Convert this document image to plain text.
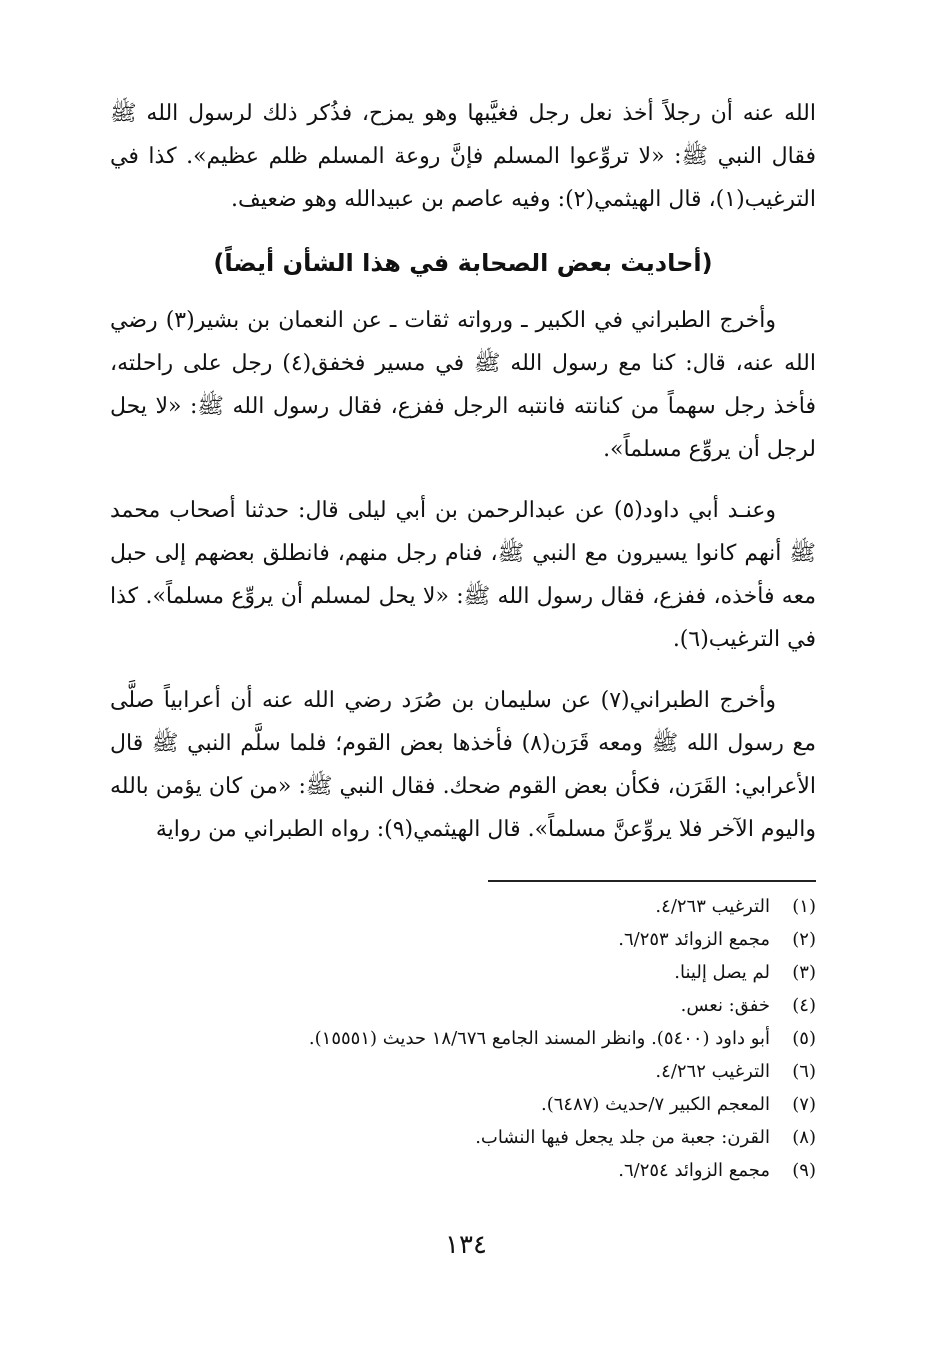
الله عنه أن رجلاً أخذ نعل رجل فغيَّبها وهو يمزح، فذُكر ذلك لرسول الله ﷺ فقال النبي ﷺ: «لا تروِّعوا المسلم فإنَّ روعة المسلم ظلم عظيم». كذا في الترغيب(١)، قال الهيثمي(٢): وفيه عاصم بن عبيدالله وهو ضعيف.

(أحاديث بعض الصحابة في هذا الشأن أيضاً)

وأخرج الطبراني في الكبير ـ ورواته ثقات ـ عن النعمان بن بشير(٣) رضي الله عنه، قال: كنا مع رسول الله ﷺ في مسير فخفق(٤) رجل على راحلته، فأخذ رجل سهماً من كنانته فانتبه الرجل ففزع، فقال رسول الله ﷺ: «لا يحل لرجل أن يروِّع مسلماً».

وعنـد أبي داود(٥) عن عبدالرحمن بن أبي ليلى قال: حدثنا أصحاب محمد ﷺ أنهم كانوا يسيرون مع النبي ﷺ، فنام رجل منهم، فانطلق بعضهم إلى حبل معه فأخذه، ففزع، فقال رسول الله ﷺ: «لا يحل لمسلم أن يروِّع مسلماً». كذا في الترغيب(٦).

وأخرج الطبراني(٧) عن سليمان بن صُرَد رضي الله عنه أن أعرابياً صلَّى مع رسول الله ﷺ ومعه قَرَن(٨) فأخذها بعض القوم؛ فلما سلَّم النبي ﷺ قال الأعرابي: القَرَن، فكأن بعض القوم ضحك. فقال النبي ﷺ: «من كان يؤمن بالله واليوم الآخر فلا يروِّعنَّ مسلماً». قال الهيثمي(٩): رواه الطبراني من رواية

(١)الترغيب ٤/٢٦٣.
(٢)مجمع الزوائد ٦/٢٥٣.
(٣)لم يصل إلينا.
(٤)خفق: نعس.
(٥)أبو داود (٥٤٠٠). وانظر المسند الجامع ١٨/٦٧٦ حديث (١٥٥٥١).
(٦)الترغيب ٤/٢٦٢.
(٧)المعجم الكبير ٧/حديث (٦٤٨٧).
(٨)القرن: جعبة من جلد يجعل فيها النشاب.
(٩)مجمع الزوائد ٦/٢٥٤.
١٣٤
